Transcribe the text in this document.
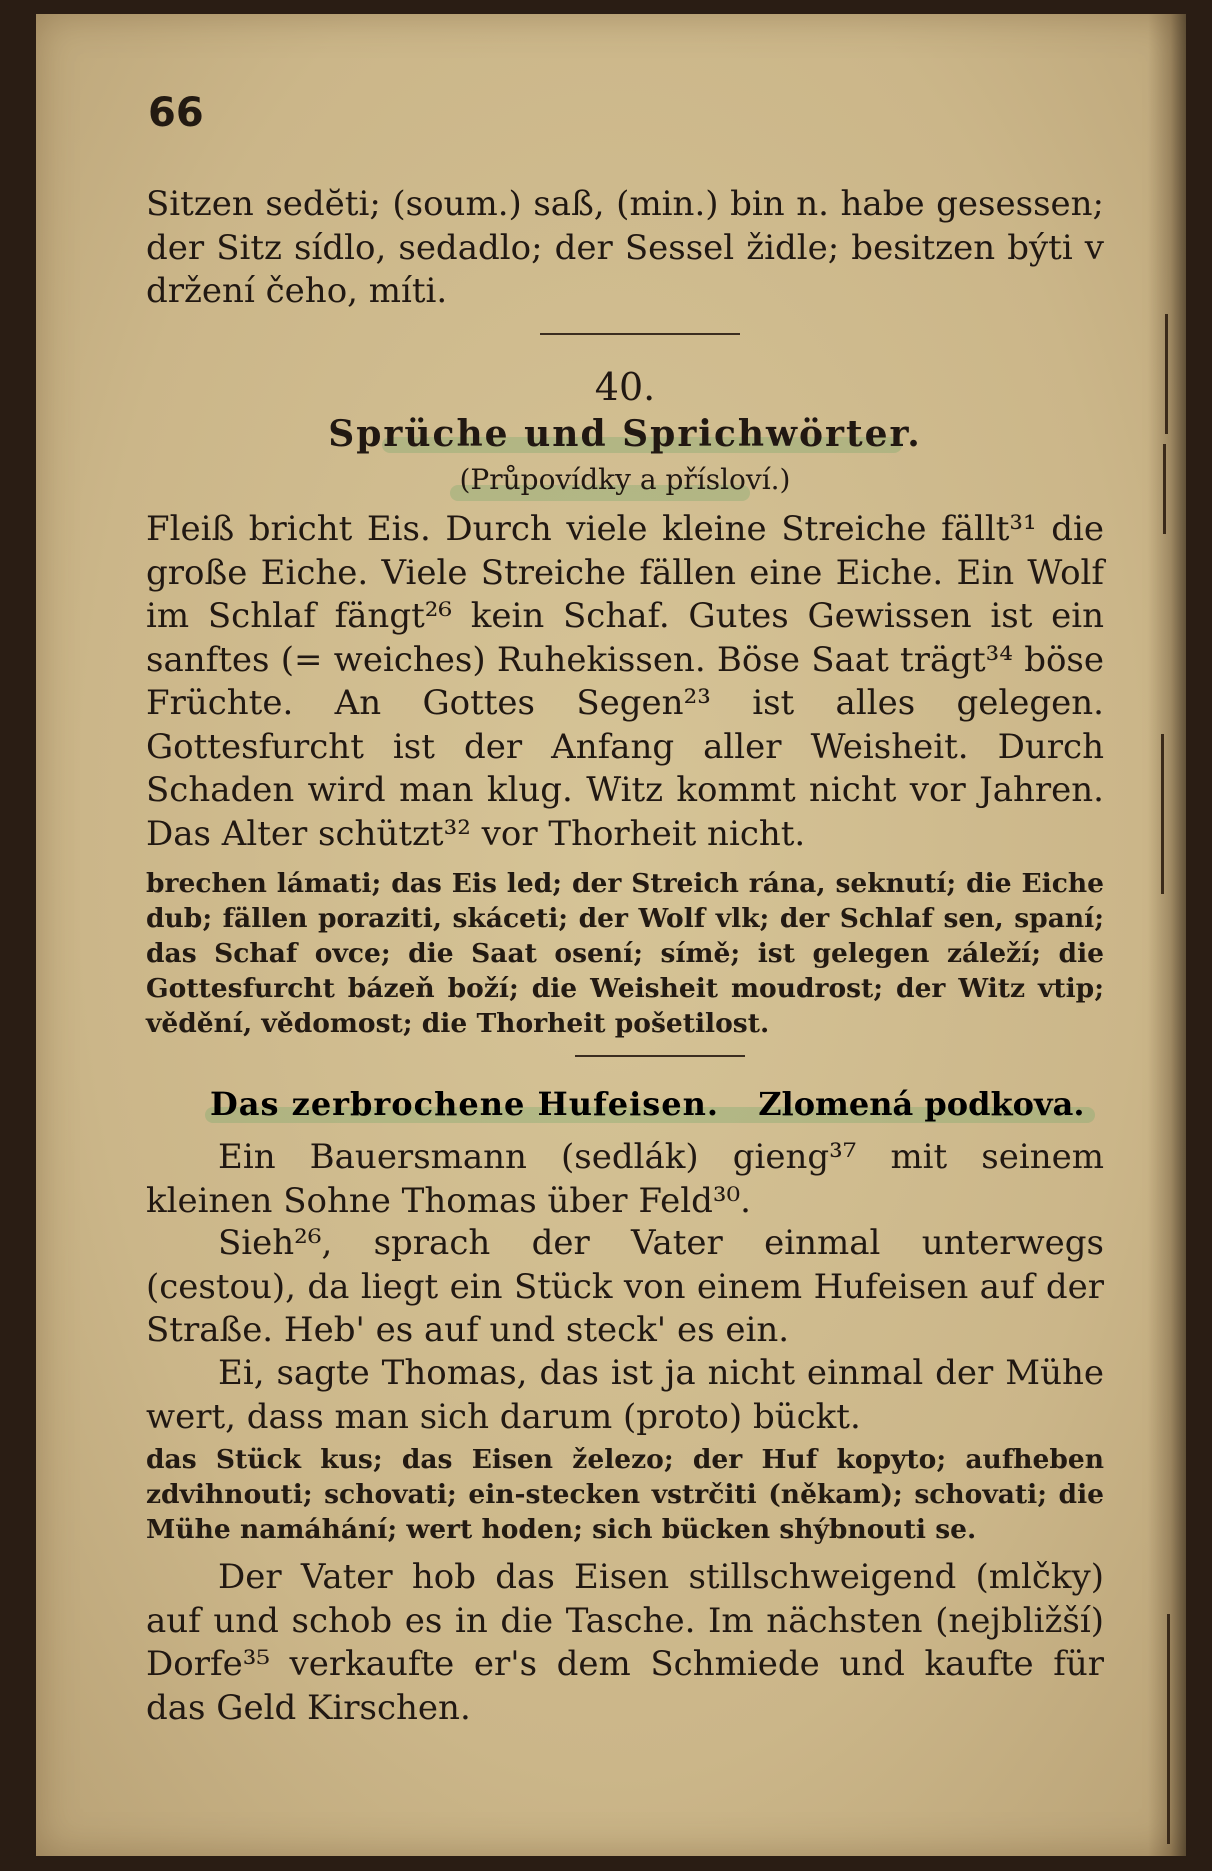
66
Sitzen sedĕti; (soum.) saß, (min.) bin n. habe gesessen; der Sitz sídlo, sedadlo; der Sessel židle; besitzen býti v držení čeho, míti.
40.
Sprüche und Sprichwörter.
(Průpovídky a přísloví.)
Fleiß bricht Eis. Durch viele kleine Streiche fällt³¹ die große Eiche. Viele Streiche fällen eine Eiche. Ein Wolf im Schlaf fängt²⁶ kein Schaf. Gutes Gewissen ist ein sanftes (= weiches) Ruhekissen. Böse Saat trägt³⁴ böse Früchte. An Gottes Segen²³ ist alles gelegen. Gottesfurcht ist der Anfang aller Weisheit. Durch Schaden wird man klug. Witz kommt nicht vor Jahren. Das Alter schützt³² vor Thorheit nicht.
brechen lámati; das Eis led; der Streich rána, seknutí; die Eiche dub; fällen poraziti, skáceti; der Wolf vlk; der Schlaf sen, spaní; das Schaf ovce; die Saat osení; símě; ist gelegen záleží; die Gottesfurcht bázeň boží; die Weisheit moudrost; der Witz vtip; vědění, vědomost; die Thorheit pošetilost.
Das zerbrochene Hufeisen. Zlomená podkova.
Ein Bauersmann (sedlák) gieng³⁷ mit seinem kleinen Sohne Thomas über Feld³⁰.
Sieh²⁶, sprach der Vater einmal unterwegs (cestou), da liegt ein Stück von einem Hufeisen auf der Straße. Heb' es auf und steck' es ein.
Ei, sagte Thomas, das ist ja nicht einmal der Mühe wert, dass man sich darum (proto) bückt.
das Stück kus; das Eisen železo; der Huf kopyto; aufheben zdvihnouti; schovati; ein-stecken vstrčiti (někam); schovati; die Mühe namáhání; wert hoden; sich bücken shýbnouti se.
Der Vater hob das Eisen stillschweigend (mlčky) auf und schob es in die Tasche. Im nächsten (nejbližší) Dorfe³⁵ verkaufte er's dem Schmiede und kaufte für das Geld Kirschen.
